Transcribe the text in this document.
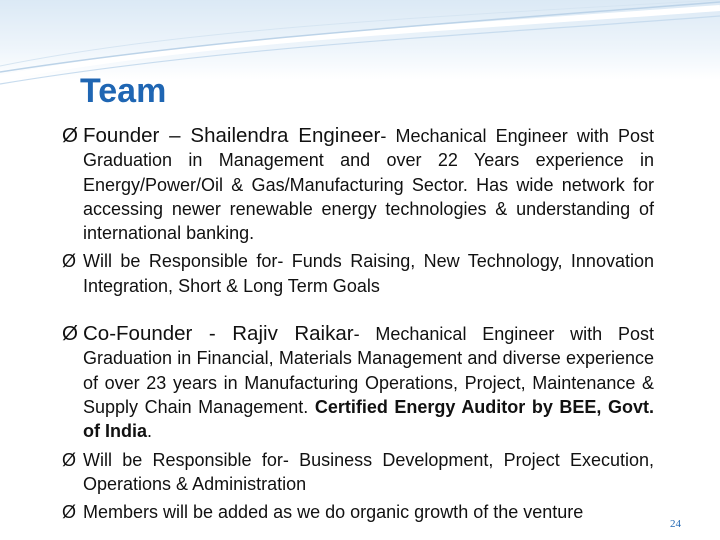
Team
Ø Founder – Shailendra Engineer- Mechanical Engineer with Post Graduation in Management and over 22 Years experience in Energy/Power/Oil & Gas/Manufacturing Sector. Has wide network for accessing newer renewable energy technologies & understanding of international banking.
Ø Will be Responsible for- Funds Raising, New Technology, Innovation Integration, Short & Long Term Goals
Ø Co-Founder - Rajiv Raikar- Mechanical Engineer with Post Graduation in Financial, Materials Management and diverse experience of over 23 years in Manufacturing Operations, Project, Maintenance & Supply Chain Management. Certified Energy Auditor by BEE, Govt. of India.
Ø Will be Responsible for- Business Development, Project Execution, Operations & Administration
Ø Members will be added as we do organic growth of the venture
24
